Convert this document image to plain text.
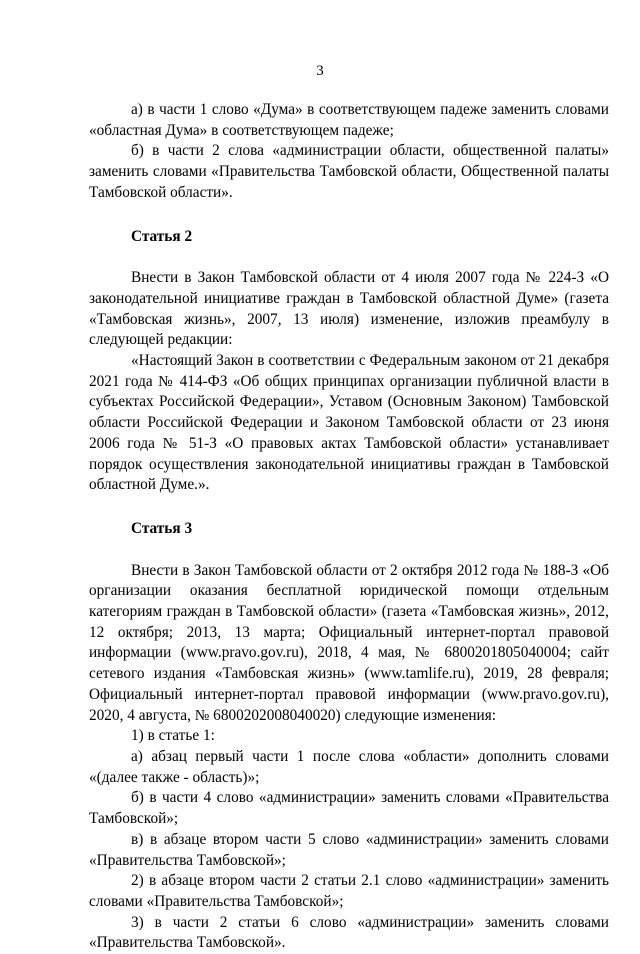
3

а) в части 1 слово «Дума» в соответствующем падеже заменить словами «областная Дума» в соответствующем падеже;

б) в части 2 слова «администрации области, общественной палаты» заменить словами «Правительства Тамбовской области, Общественной палаты Тамбовской области».

Статья 2

Внести в Закон Тамбовской области от 4 июля 2007 года № 224-З «О законодательной инициативе граждан в Тамбовской областной Думе» (газета «Тамбовская жизнь», 2007, 13 июля) изменение, изложив преамбулу в следующей редакции:

«Настоящий Закон в соответствии с Федеральным законом от 21 декабря 2021 года № 414-ФЗ «Об общих принципах организации публичной власти в субъектах Российской Федерации», Уставом (Основным Законом) Тамбовской области Российской Федерации и Законом Тамбовской области от 23 июня 2006 года № 51-З «О правовых актах Тамбовской области» устанавливает порядок осуществления законодательной инициативы граждан в Тамбовской областной Думе.».

Статья 3

Внести в Закон Тамбовской области от 2 октября 2012 года № 188-З «Об организации оказания бесплатной юридической помощи отдельным категориям граждан в Тамбовской области» (газета «Тамбовская жизнь», 2012, 12 октября; 2013, 13 марта; Официальный интернет-портал правовой информации (www.pravo.gov.ru), 2018, 4 мая, № 6800201805040004; сайт сетевого издания «Тамбовская жизнь» (www.tamlife.ru), 2019, 28 февраля; Официальный интернет-портал правовой информации (www.pravo.gov.ru), 2020, 4 августа, № 6800202008040020) следующие изменения:

1) в статье 1:

а) абзац первый части 1 после слова «области» дополнить словами «(далее также - область)»;

б) в части 4 слово «администрации» заменить словами «Правительства Тамбовской»;

в) в абзаце втором части 5 слово «администрации» заменить словами «Правительства Тамбовской»;

2) в абзаце втором части 2 статьи 2.1 слово «администрации» заменить словами «Правительства Тамбовской»;

3) в части 2 статьи 6 слово «администрации» заменить словами «Правительства Тамбовской».
